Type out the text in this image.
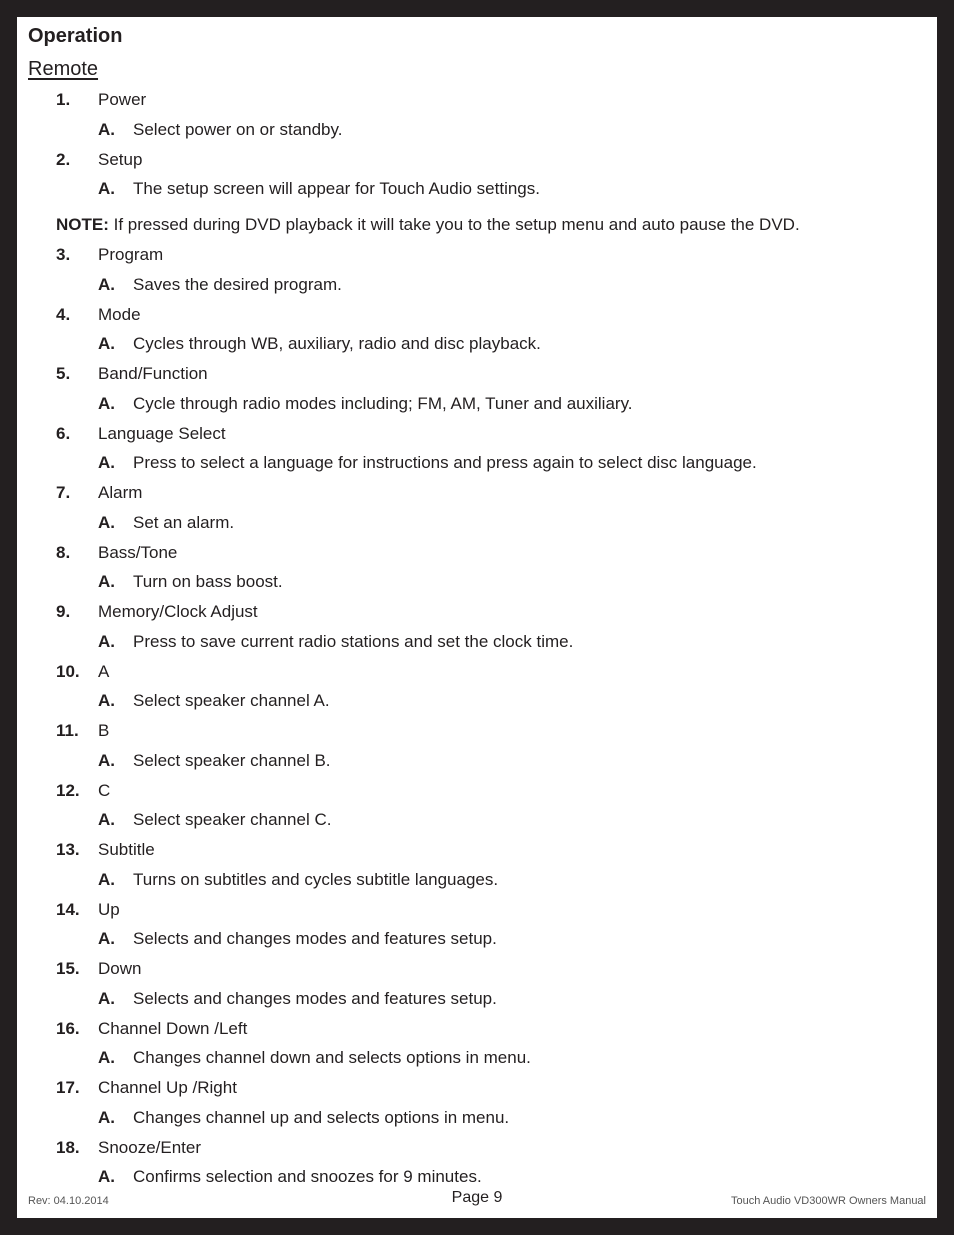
Operation
Remote
1. Power
A. Select power on or standby.
2. Setup
A. The setup screen will appear for Touch Audio settings.
NOTE: If pressed during DVD playback it will take you to the setup menu and auto pause the DVD.
3. Program
A. Saves the desired program.
4. Mode
A. Cycles through WB, auxiliary, radio and disc playback.
5. Band/Function
A. Cycle through radio modes including; FM, AM, Tuner and auxiliary.
6. Language Select
A. Press to select a language for instructions and press again to select disc language.
7. Alarm
A. Set an alarm.
8. Bass/Tone
A. Turn on bass boost.
9. Memory/Clock Adjust
A. Press to save current radio stations and set the clock time.
10. A
A. Select speaker channel A.
11. B
A. Select speaker channel B.
12. C
A. Select speaker channel C.
13. Subtitle
A. Turns on subtitles and cycles subtitle languages.
14. Up
A. Selects and changes modes and features setup.
15. Down
A. Selects and changes modes and features setup.
16. Channel Down /Left
A. Changes channel down and selects options in menu.
17. Channel Up /Right
A. Changes channel up and selects options in menu.
18. Snooze/Enter
A. Confirms selection and snoozes for 9 minutes.
Rev: 04.10.2014	Page 9	Touch Audio VD300WR Owners Manual
